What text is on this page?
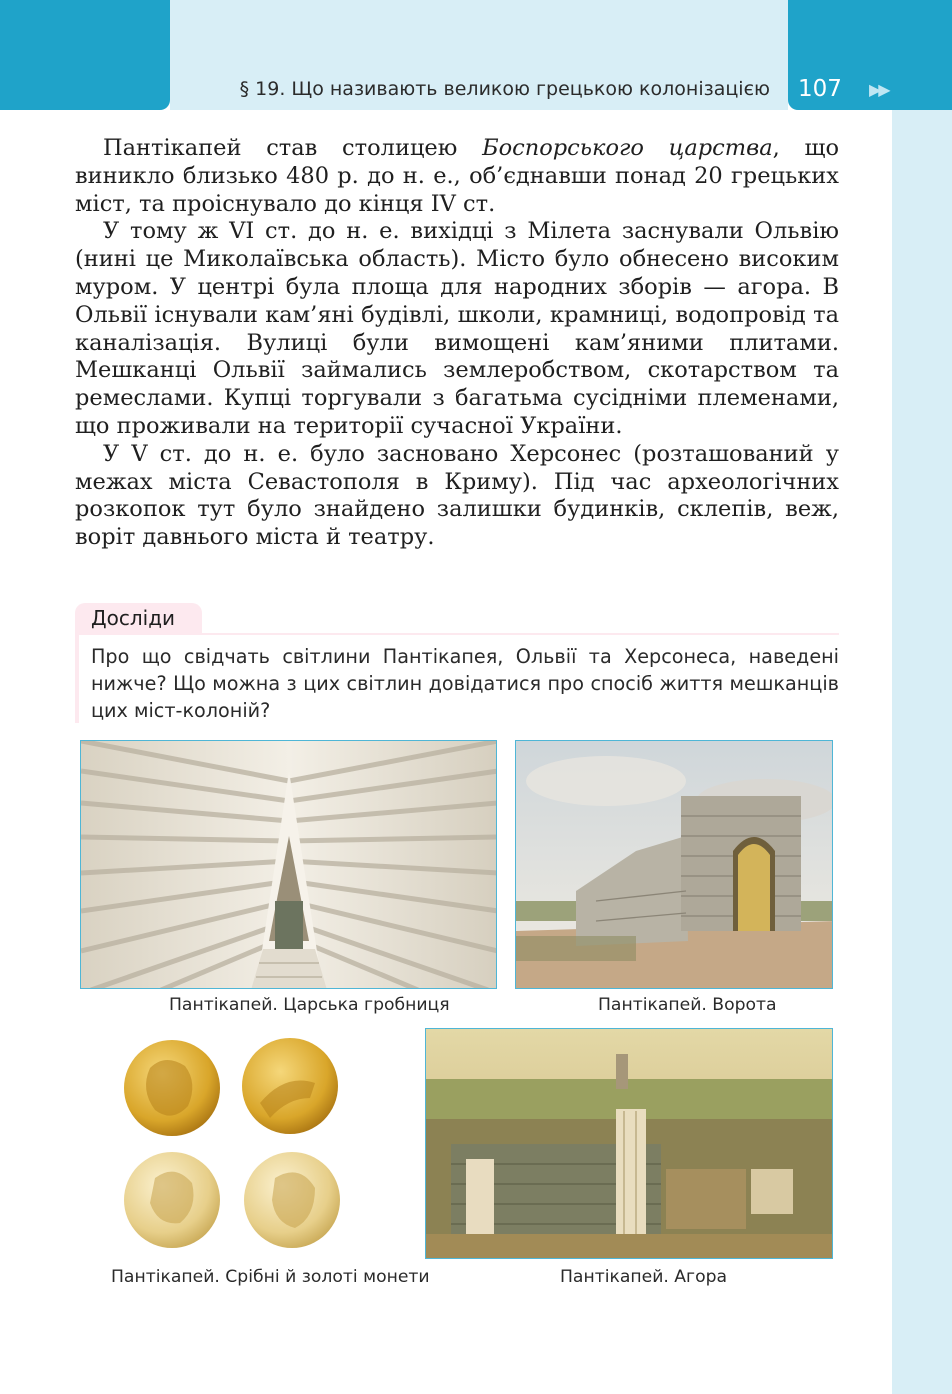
§ 19. Що називають великою грецькою колонізацією 107 ▶▶

Пантікапей став столицею Боспорського царства, що виникло близько 480 р. до н. е., об’єднавши понад 20 грецьких міст, та проіснувало до кінця IV ст.

У тому ж VI ст. до н. е. вихідці з Мілета заснували Ольвію (нині це Миколаївська область). Місто було обнесено високим муром. У центрі була площа для народних зборів — агора. В Ольвії існували кам’яні будівлі, школи, крамниці, водопровід та каналізація. Вулиці були вимощені кам’яними плитами. Мешканці Ольвії займались землеробством, скотарством та ремеслами. Купці торгували з багатьма сусідніми племенами, що проживали на території сучасної України.

У V ст. до н. е. було засновано Херсонес (розташований у межах міста Севастополя в Криму). Під час археологічних розкопок тут було знайдено залишки будинків, склепів, веж, воріт давнього міста й театру.

Досліди
Про що свідчать світлини Пантікапея, Ольвії та Херсонеса, наведені нижче? Що можна з цих світлин довідатися про спосіб життя мешканців цих міст-колоній?
Пантікапей. Царська гробниця	Пантікапей. Ворота
Пантікапей. Срібні й золоті монети	Пантікапей. Агора
